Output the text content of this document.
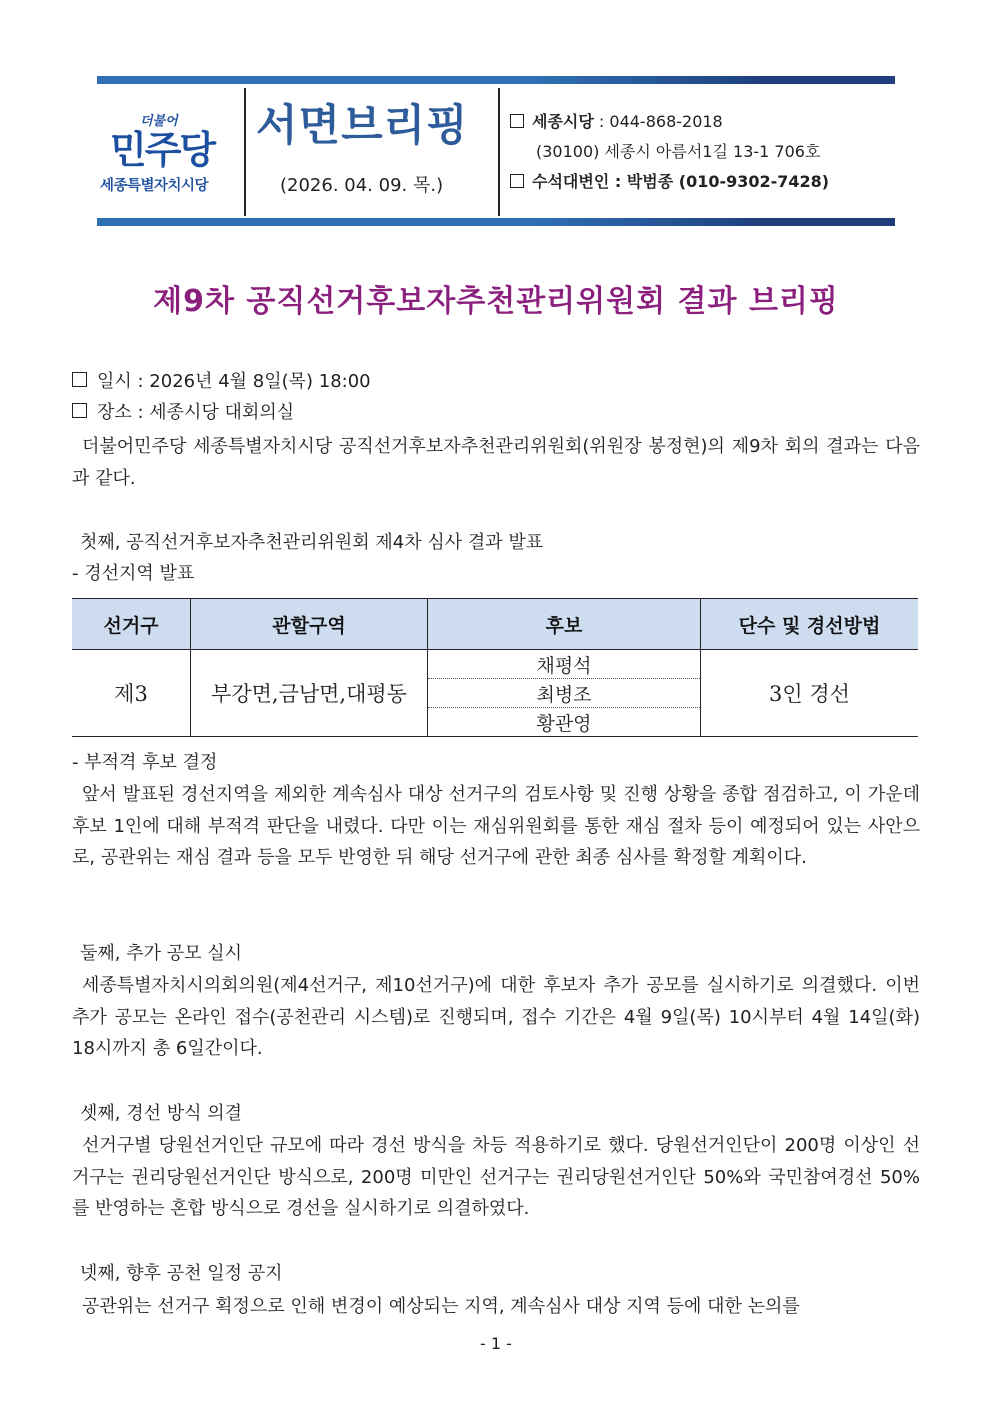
더불어
민주당
세종특별자치시당
서면브리핑
(2026. 04. 09. 목.)
세종시당 : 044-868-2018
(30100) 세종시 아름서1길 13-1 706호
수석대변인 : 박범종 (010-9302-7428)
제9차 공직선거후보자추천관리위원회 결과 브리핑
일시 : 2026년 4월 8일(목) 18:00
장소 : 세종시당 대회의실
더불어민주당 세종특별자치시당 공직선거후보자추천관리위원회(위원장 봉정현)의 제9차 회의 결과는 다음과 같다.
첫째, 공직선거후보자추천관리위원회 제4차 심사 결과 발표
- 경선지역 발표
선거구	관할구역	후보	단수 및 경선방법
제3	부강면,금남면,대평동	채평석	3인 경선
		최병조	
		황관영	
- 부적격 후보 결정
앞서 발표된 경선지역을 제외한 계속심사 대상 선거구의 검토사항 및 진행 상황을 종합 점검하고, 이 가운데 후보 1인에 대해 부적격 판단을 내렸다. 다만 이는 재심위원회를 통한 재심 절차 등이 예정되어 있는 사안으로, 공관위는 재심 결과 등을 모두 반영한 뒤 해당 선거구에 관한 최종 심사를 확정할 계획이다.
둘째, 추가 공모 실시
세종특별자치시의회의원(제4선거구, 제10선거구)에 대한 후보자 추가 공모를 실시하기로 의결했다. 이번 추가 공모는 온라인 접수(공천관리 시스템)로 진행되며, 접수 기간은 4월 9일(목) 10시부터 4월 14일(화) 18시까지 총 6일간이다.
셋째, 경선 방식 의결
선거구별 당원선거인단 규모에 따라 경선 방식을 차등 적용하기로 했다. 당원선거인단이 200명 이상인 선거구는 권리당원선거인단 방식으로, 200명 미만인 선거구는 권리당원선거인단 50%와 국민참여경선 50%를 반영하는 혼합 방식으로 경선을 실시하기로 의결하였다.
넷째, 향후 공천 일정 공지
공관위는 선거구 획정으로 인해 변경이 예상되는 지역, 계속심사 대상 지역 등에 대한 논의를
- 1 -
